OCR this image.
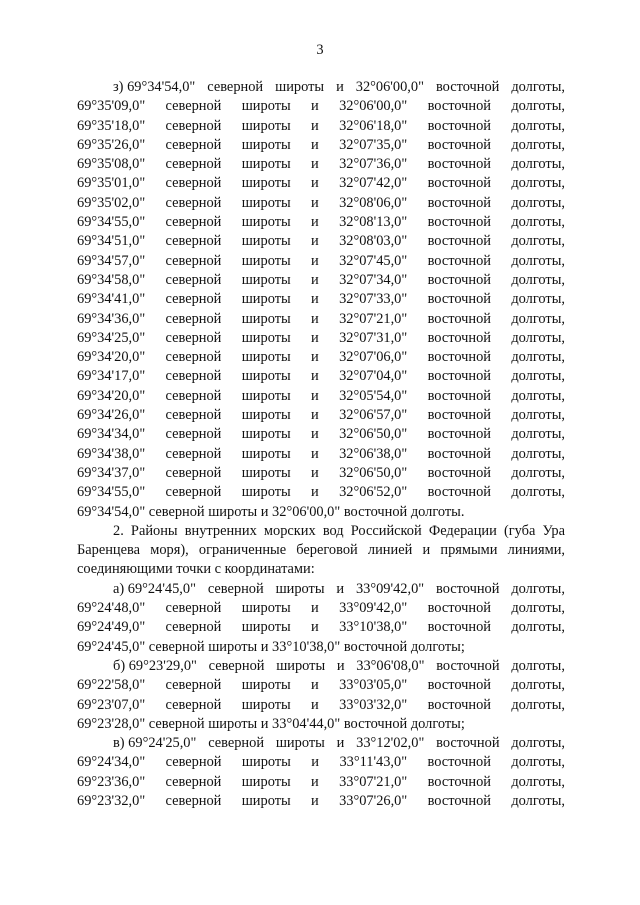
3
з) 69°34'54,0" северной широты и 32°06'00,0" восточной долготы,
69°35'09,0" северной широты и 32°06'00,0" восточной долготы,
69°35'18,0" северной широты и 32°06'18,0" восточной долготы,
69°35'26,0" северной широты и 32°07'35,0" восточной долготы,
69°35'08,0" северной широты и 32°07'36,0" восточной долготы,
69°35'01,0" северной широты и 32°07'42,0" восточной долготы,
69°35'02,0" северной широты и 32°08'06,0" восточной долготы,
69°34'55,0" северной широты и 32°08'13,0" восточной долготы,
69°34'51,0" северной широты и 32°08'03,0" восточной долготы,
69°34'57,0" северной широты и 32°07'45,0" восточной долготы,
69°34'58,0" северной широты и 32°07'34,0" восточной долготы,
69°34'41,0" северной широты и 32°07'33,0" восточной долготы,
69°34'36,0" северной широты и 32°07'21,0" восточной долготы,
69°34'25,0" северной широты и 32°07'31,0" восточной долготы,
69°34'20,0" северной широты и 32°07'06,0" восточной долготы,
69°34'17,0" северной широты и 32°07'04,0" восточной долготы,
69°34'20,0" северной широты и 32°05'54,0" восточной долготы,
69°34'26,0" северной широты и 32°06'57,0" восточной долготы,
69°34'34,0" северной широты и 32°06'50,0" восточной долготы,
69°34'38,0" северной широты и 32°06'38,0" восточной долготы,
69°34'37,0" северной широты и 32°06'50,0" восточной долготы,
69°34'55,0" северной широты и 32°06'52,0" восточной долготы,
69°34'54,0" северной широты и 32°06'00,0" восточной долготы.

2. Районы внутренних морских вод Российской Федерации (губа Ура Баренцева моря), ограниченные береговой линией и прямыми линиями, соединяющими точки с координатами:

а) 69°24'45,0" северной широты и 33°09'42,0" восточной долготы,
69°24'48,0" северной широты и 33°09'42,0" восточной долготы,
69°24'49,0" северной широты и 33°10'38,0" восточной долготы,
69°24'45,0" северной широты и 33°10'38,0" восточной долготы;
б) 69°23'29,0" северной широты и 33°06'08,0" восточной долготы,
69°22'58,0" северной широты и 33°03'05,0" восточной долготы,
69°23'07,0" северной широты и 33°03'32,0" восточной долготы,
69°23'28,0" северной широты и 33°04'44,0" восточной долготы;
в) 69°24'25,0" северной широты и 33°12'02,0" восточной долготы,
69°24'34,0" северной широты и 33°11'43,0" восточной долготы,
69°23'36,0" северной широты и 33°07'21,0" восточной долготы,
69°23'32,0" северной широты и 33°07'26,0" восточной долготы,
